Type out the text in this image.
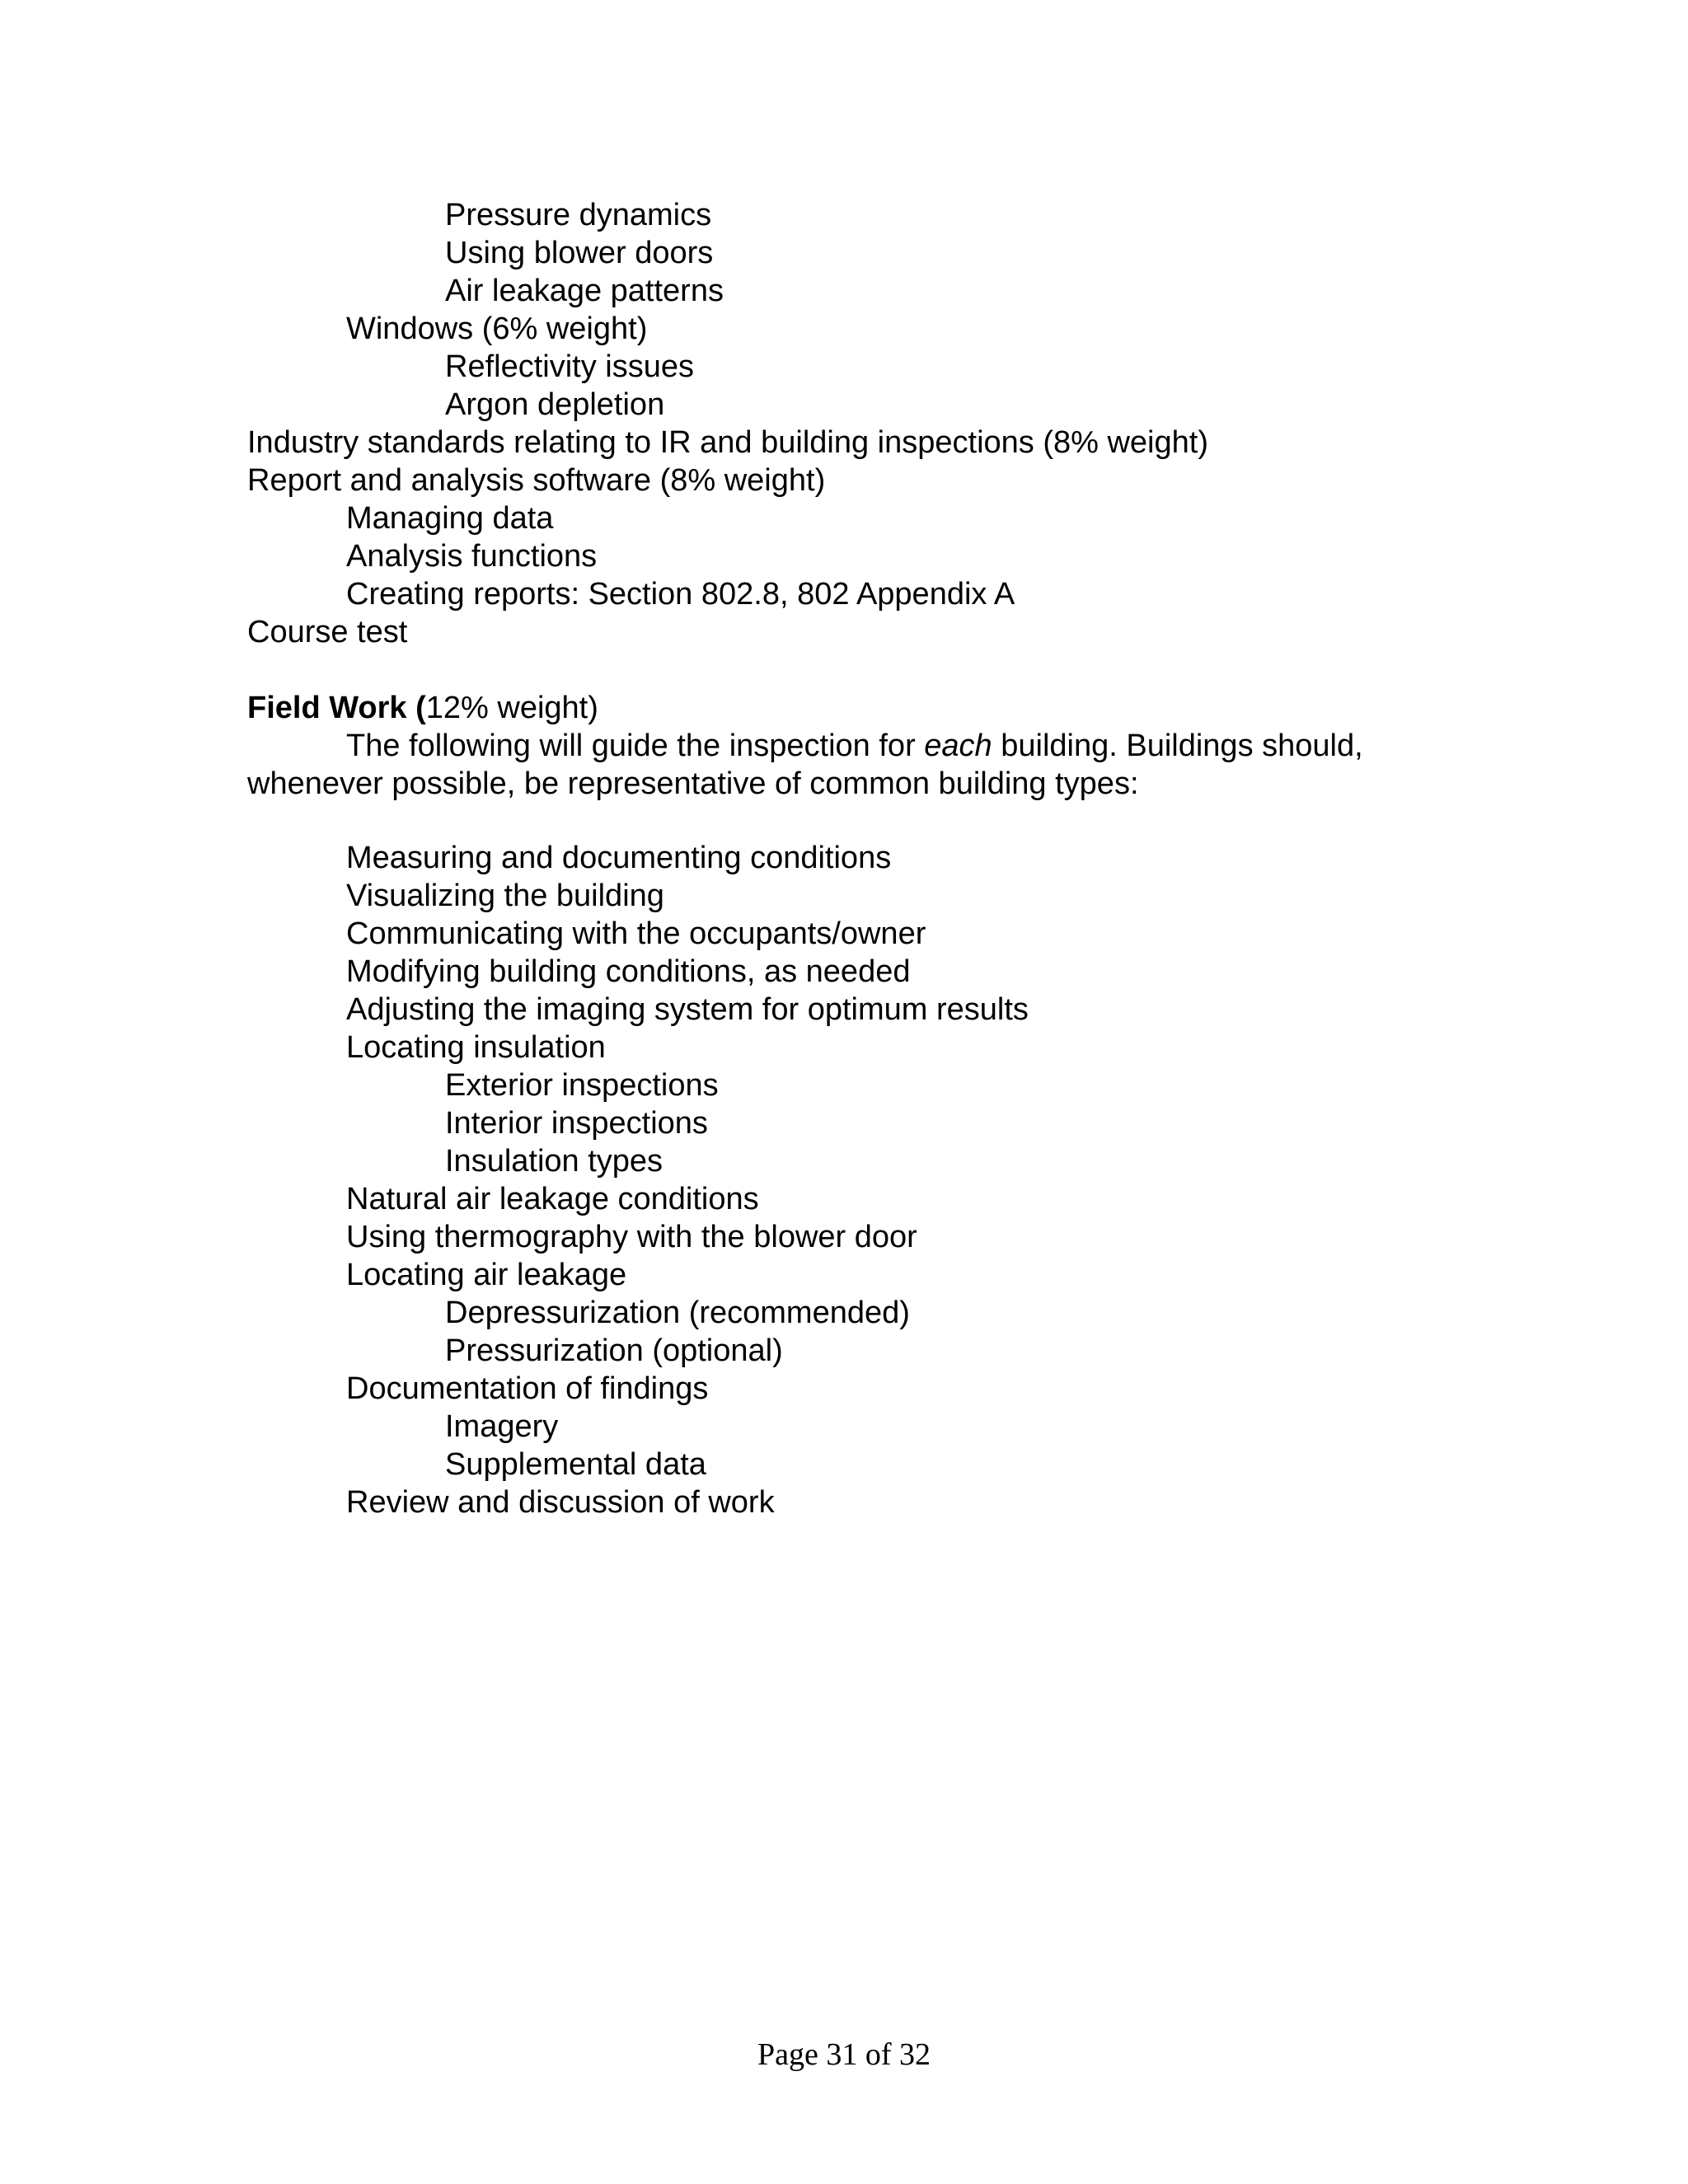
Pressure dynamics
Using blower doors
Air leakage patterns
Windows (6% weight)
Reflectivity issues
Argon depletion
Industry standards relating to IR and building inspections (8% weight)
Report and analysis software (8% weight)
Managing data
Analysis functions
Creating reports: Section 802.8, 802 Appendix A
Course test
Field Work (12% weight)
The following will guide the inspection for each building. Buildings should,
whenever possible, be representative of common building types:
Measuring and documenting conditions
Visualizing the building
Communicating with the occupants/owner
Modifying building conditions, as needed
Adjusting the imaging system for optimum results
Locating insulation
Exterior inspections
Interior inspections
Insulation types
Natural air leakage conditions
Using thermography with the blower door
Locating air leakage
Depressurization (recommended)
Pressurization (optional)
Documentation of findings
Imagery
Supplemental data
Review and discussion of work
Page 31 of 32
